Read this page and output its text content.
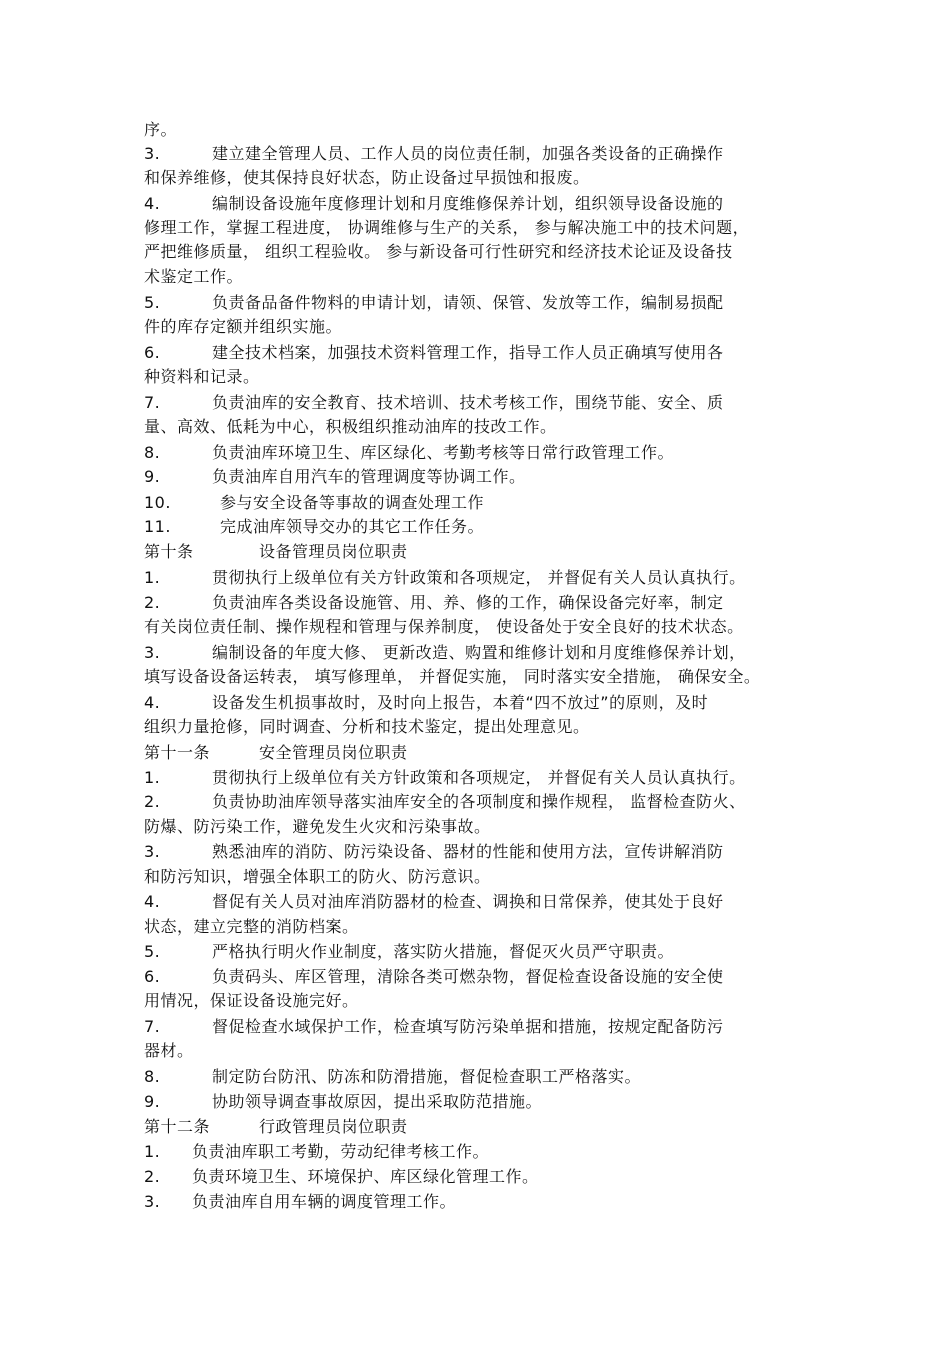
序。
3.	建立建全管理人员、工作人员的岗位责任制，加强各类设备的正确操作
和保养维修，使其保持良好状态，防止设备过早损蚀和报废。
4.	编制设备设施年度修理计划和月度维修保养计划，组织领导设备设施的
修理工作，掌握工程进度， 协调维修与生产的关系， 参与解决施工中的技术问题，
严把维修质量， 组织工程验收。 参与新设备可行性研究和经济技术论证及设备技
术鉴定工作。
5.	负责备品备件物料的申请计划，请领、保管、发放等工作，编制易损配
件的库存定额并组织实施。
6.	建全技术档案，加强技术资料管理工作，指导工作人员正确填写使用各
种资料和记录。
7.	负责油库的安全教育、技术培训、技术考核工作，围绕节能、安全、质
量、高效、低耗为中心，积极组织推动油库的技改工作。
8.	负责油库环境卫生、库区绿化、考勤考核等日常行政管理工作。
9.	负责油库自用汽车的管理调度等协调工作。
10.	参与安全设备等事故的调查处理工作
11.	完成油库领导交办的其它工作任务。
第十条	设备管理员岗位职责
1.	贯彻执行上级单位有关方针政策和各项规定， 并督促有关人员认真执行。
2.	负责油库各类设备设施管、用、养、修的工作，确保设备完好率，制定
有关岗位责任制、操作规程和管理与保养制度， 使设备处于安全良好的技术状态。
3.	编制设备的年度大修、 更新改造、购置和维修计划和月度维修保养计划，
填写设备设备运转表， 填写修理单， 并督促实施， 同时落实安全措施， 确保安全。
4.	设备发生机损事故时，及时向上报告，本着“四不放过”的原则，及时
组织力量抢修，同时调查、分析和技术鉴定，提出处理意见。
第十一条	安全管理员岗位职责
1.	贯彻执行上级单位有关方针政策和各项规定， 并督促有关人员认真执行。
2.	负责协助油库领导落实油库安全的各项制度和操作规程， 监督检查防火、
防爆、防污染工作，避免发生火灾和污染事故。
3.	熟悉油库的消防、防污染设备、器材的性能和使用方法，宣传讲解消防
和防污知识，增强全体职工的防火、防污意识。
4.	督促有关人员对油库消防器材的检查、调换和日常保养，使其处于良好
状态，建立完整的消防档案。
5.	严格执行明火作业制度，落实防火措施，督促灭火员严守职责。
6.	负责码头、库区管理，清除各类可燃杂物，督促检查设备设施的安全使
用情况，保证设备设施完好。
7.	督促检查水域保护工作，检查填写防污染单据和措施，按规定配备防污
器材。
8.	制定防台防汛、防冻和防滑措施，督促检查职工严格落实。
9.	协助领导调查事故原因，提出采取防范措施。
第十二条	行政管理员岗位职责
1. 负责油库职工考勤，劳动纪律考核工作。
2. 负责环境卫生、环境保护、库区绿化管理工作。
3. 负责油库自用车辆的调度管理工作。
